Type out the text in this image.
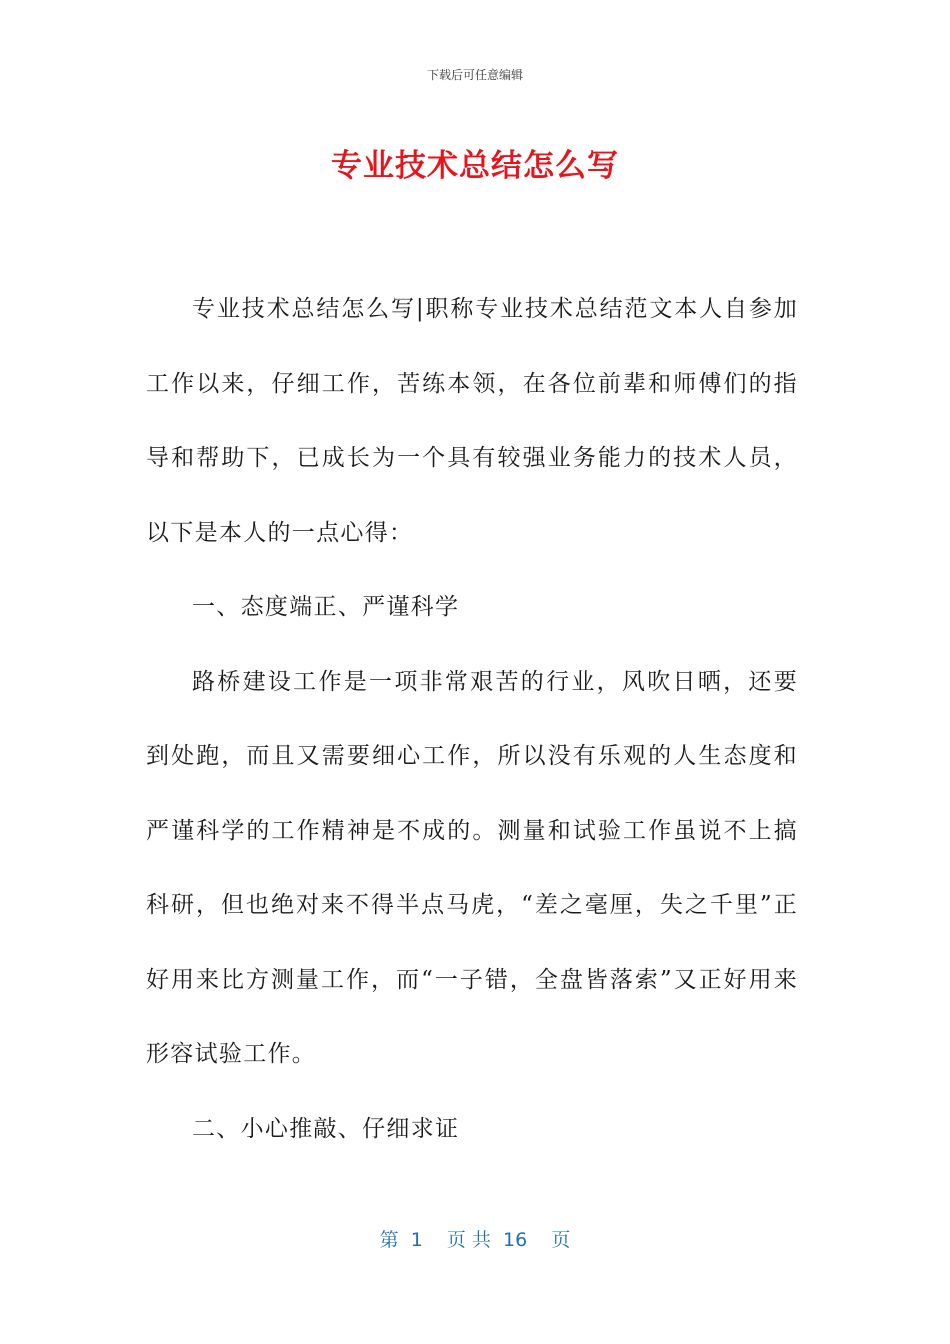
下载后可任意编辑
专业技术总结怎么写

专业技术总结怎么写|职称专业技术总结范文本人自参加工作以来，仔细工作，苦练本领，在各位前辈和师傅们的指导和帮助下，已成长为一个具有较强业务能力的技术人员，以下是本人的一点心得：

一、态度端正、严谨科学

路桥建设工作是一项非常艰苦的行业，风吹日晒，还要到处跑，而且又需要细心工作，所以没有乐观的人生态度和严谨科学的工作精神是不成的。测量和试验工作虽说不上搞科研，但也绝对来不得半点马虎，“差之毫厘，失之千里”正好用来比方测量工作，而“一子错，全盘皆落索”又正好用来形容试验工作。

二、小心推敲、仔细求证

第  1    页 共  16    页
